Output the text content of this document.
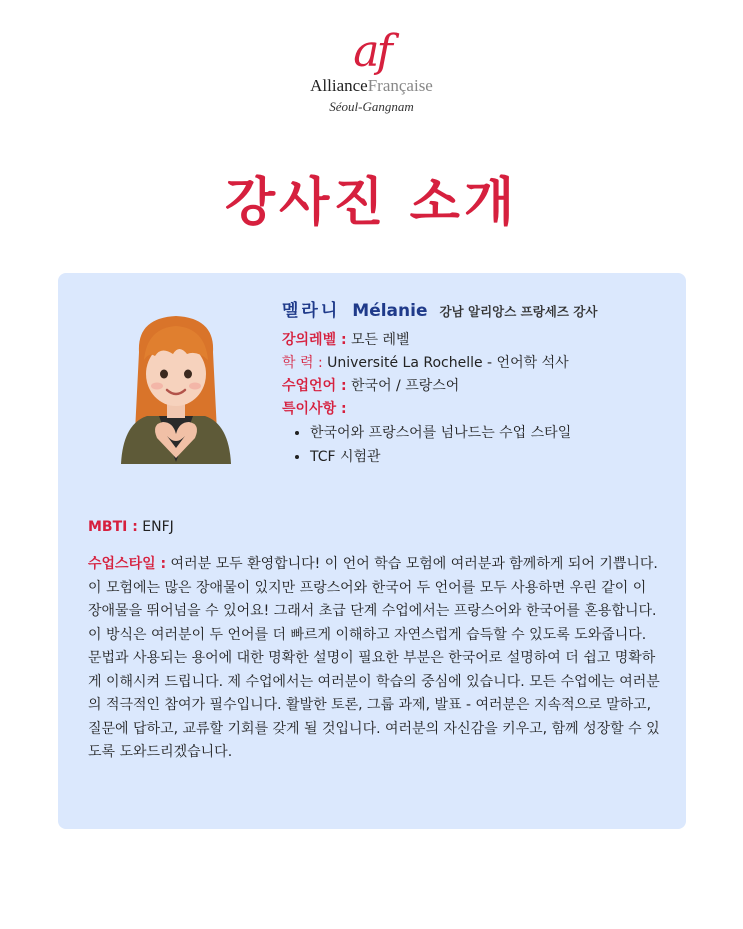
af
AllianceFrançaise
Séoul-Gangnam
강사진 소개
멜라니 Mélanie 강남 알리앙스 프랑세즈 강사
강의레벨 : 모든 레벨
학 력 : Université La Rochelle - 언어학 석사
수업언어 : 한국어 / 프랑스어
특이사항 :
• 한국어와 프랑스어를 넘나드는 수업 스타일
• TCF 시험관
MBTI : ENFJ
수업스타일 : 여러분 모두 환영합니다! 이 언어 학습 모험에 여러분과 함께하게 되어 기쁩니다.
이 모험에는 많은 장애물이 있지만 프랑스어와 한국어 두 언어를 모두 사용하면 우린 같이 이 장애물을 뛰어넘을 수 있어요! 그래서 초급 단계 수업에서는 프랑스어와 한국어를 혼용합니다. 이 방식은 여러분이 두 언어를 더 빠르게 이해하고 자연스럽게 습득할 수 있도록 도와줍니다. 문법과 사용되는 용어에 대한 명확한 설명이 필요한 부분은 한국어로 설명하여 더 쉽고 명확하게 이해시켜 드립니다. 제 수업에서는 여러분이 학습의 중심에 있습니다. 모든 수업에는 여러분의 적극적인 참여가 필수입니다. 활발한 토론, 그룹 과제, 발표 - 여러분은 지속적으로 말하고, 질문에 답하고, 교류할 기회를 갖게 될 것입니다. 여러분의 자신감을 키우고, 함께 성장할 수 있도록 도와드리겠습니다.
